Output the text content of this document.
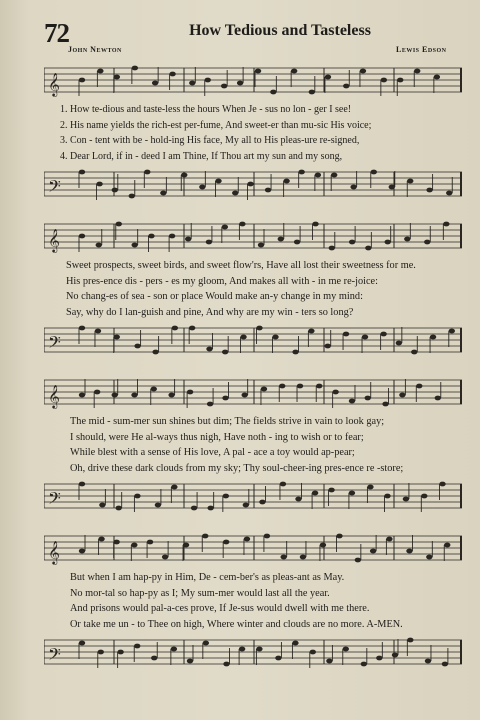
72	How Tedious and Tasteless
John Newton	Lewis Edson
𝄞
1. How te-dious and taste-less the hours When Je - sus no lon - ger I see!
2. His name yields the rich-est per-fume, And sweet-er than mu-sic His voice;
3. Con - tent with be - hold-ing His face, My all to His pleas-ure re-signed,
4. Dear Lord, if in - deed I am Thine, If Thou art my sun and my song,
𝄢
𝄞
Sweet prospects, sweet birds, and sweet flow'rs, Have all lost their sweetness for me.
His pres-ence dis - pers - es my gloom, And makes all with - in me re-joice:
No chang-es of sea - son or place Would make an-y change in my mind:
Say, why do I lan-guish and pine, And why are my win - ters so long?
𝄢
𝄞
The mid - sum-mer sun shines but dim; The fields strive in vain to look gay;
I should, were He al-ways thus nigh, Have noth - ing to wish or to fear;
While blest with a sense of His love, A pal - ace a toy would ap-pear;
Oh, drive these dark clouds from my sky; Thy soul-cheer-ing pres-ence re -store;
𝄢
𝄞
But when I am hap-py in Him, De - cem-ber's as pleas-ant as May.
No mor-tal so hap-py as I; My sum-mer would last all the year.
And prisons would pal-a-ces prove, If Je-sus would dwell with me there.
Or take me un - to Thee on high, Where winter and clouds are no more. A-MEN.
𝄢
